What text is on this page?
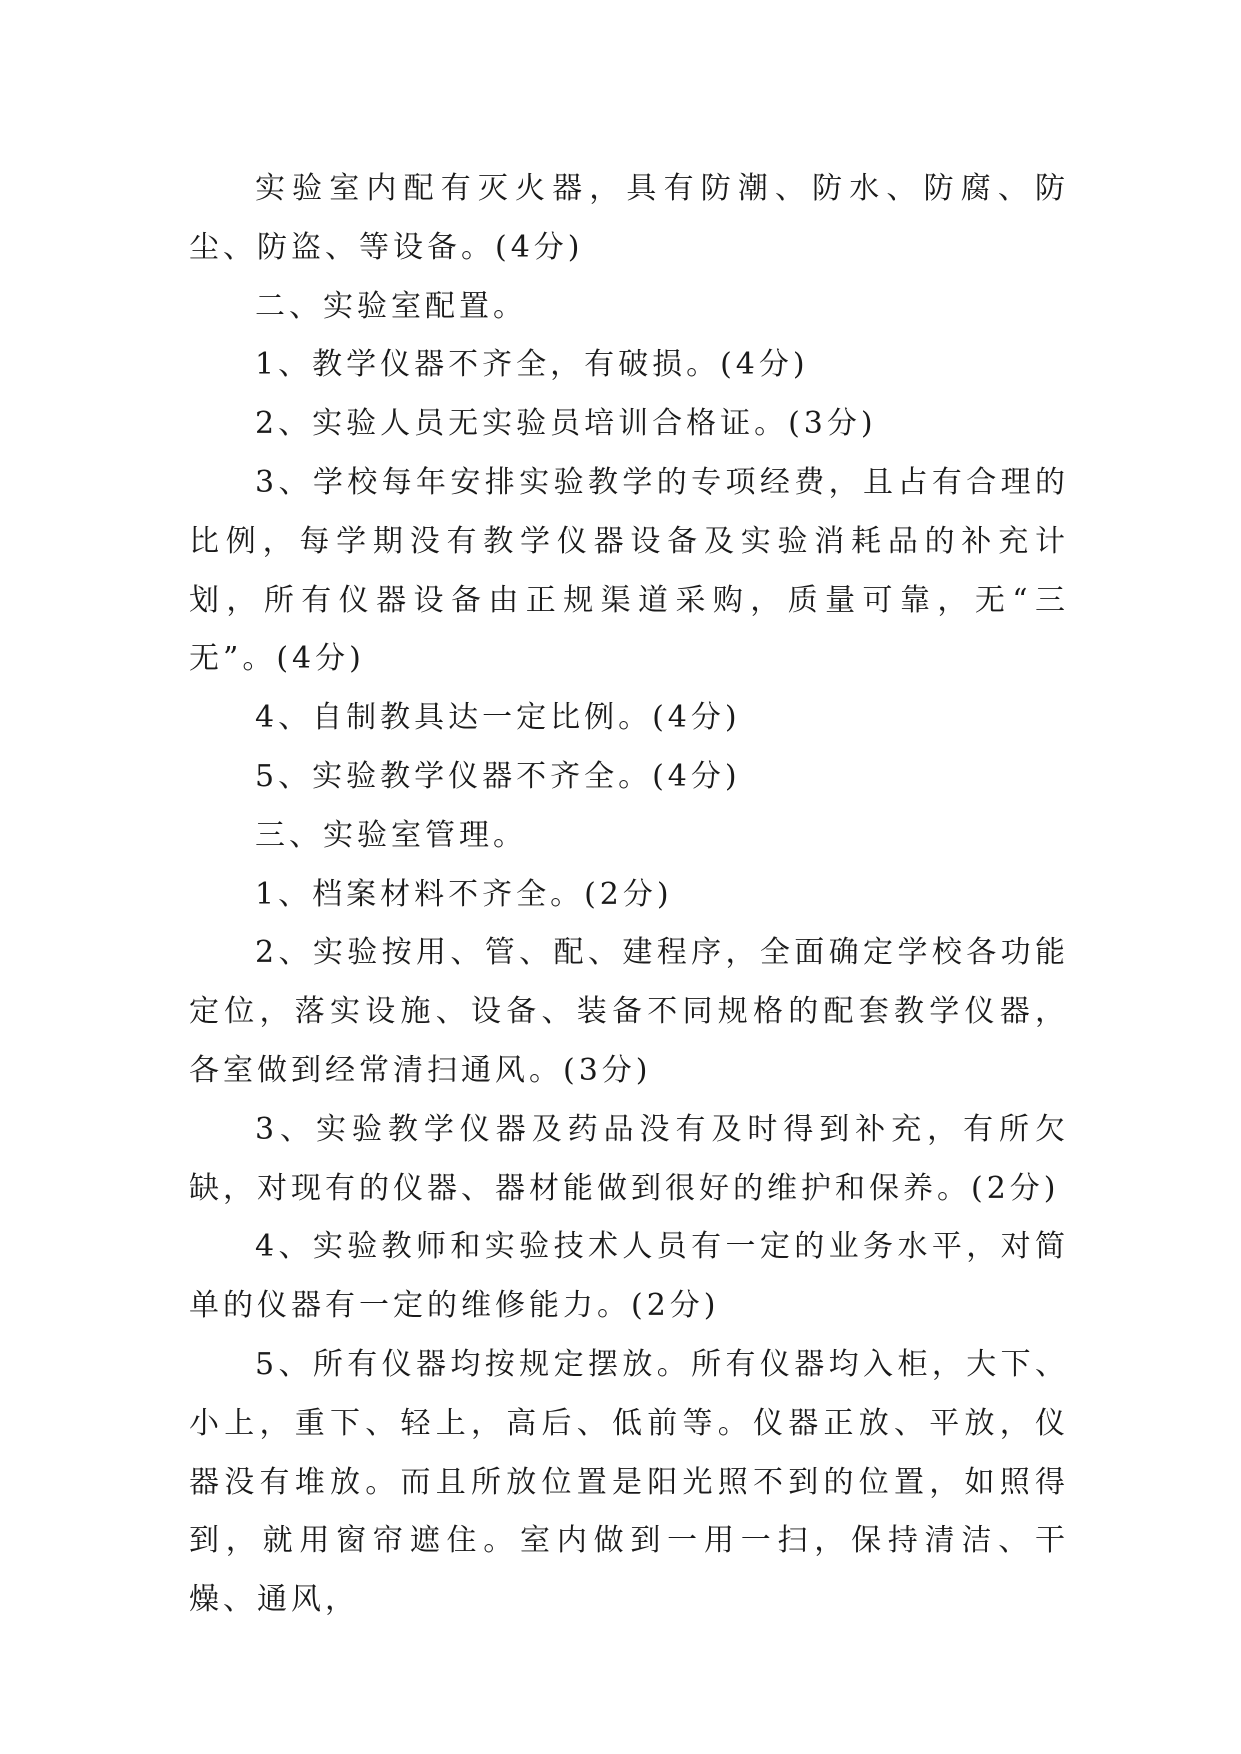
实验室内配有灭火器，具有防潮、防水、防腐、防尘、防盗、等设备。(4分)

二、实验室配置。

1、教学仪器不齐全，有破损。(4分)

2、实验人员无实验员培训合格证。(3分)

3、学校每年安排实验教学的专项经费，且占有合理的比例，每学期没有教学仪器设备及实验消耗品的补充计划，所有仪器设备由正规渠道采购，质量可靠，无“三无”。(4分)

4、自制教具达一定比例。(4分)

5、实验教学仪器不齐全。(4分)

三、实验室管理。

1、档案材料不齐全。(2分)

2、实验按用、管、配、建程序，全面确定学校各功能定位，落实设施、设备、装备不同规格的配套教学仪器，各室做到经常清扫通风。(3分)

3、实验教学仪器及药品没有及时得到补充，有所欠缺，对现有的仪器、器材能做到很好的维护和保养。(2分)

4、实验教师和实验技术人员有一定的业务水平，对简单的仪器有一定的维修能力。(2分)

5、所有仪器均按规定摆放。所有仪器均入柜，大下、小上，重下、轻上，高后、低前等。仪器正放、平放，仪器没有堆放。而且所放位置是阳光照不到的位置，如照得到，就用窗帘遮住。室内做到一用一扫，保持清洁、干燥、通风，
